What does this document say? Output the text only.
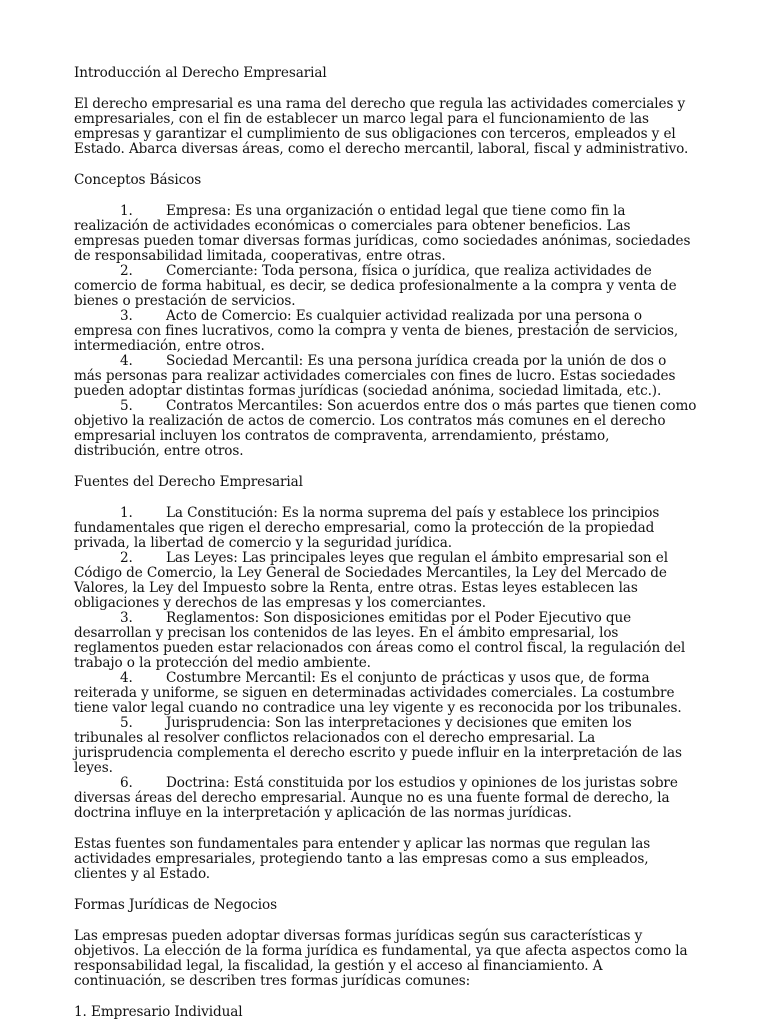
Introducción al Derecho Empresarial

El derecho empresarial es una rama del derecho que regula las actividades comerciales y empresariales, con el fin de establecer un marco legal para el funcionamiento de las empresas y garantizar el cumplimiento de sus obligaciones con terceros, empleados y el Estado. Abarca diversas áreas, como el derecho mercantil, laboral, fiscal y administrativo.

Conceptos Básicos

1. Empresa: Es una organización o entidad legal que tiene como fin la realización de actividades económicas o comerciales para obtener beneficios. Las empresas pueden tomar diversas formas jurídicas, como sociedades anónimas, sociedades de responsabilidad limitada, cooperativas, entre otras.
2. Comerciante: Toda persona, física o jurídica, que realiza actividades de comercio de forma habitual, es decir, se dedica profesionalmente a la compra y venta de bienes o prestación de servicios.
3. Acto de Comercio: Es cualquier actividad realizada por una persona o empresa con fines lucrativos, como la compra y venta de bienes, prestación de servicios, intermediación, entre otros.
4. Sociedad Mercantil: Es una persona jurídica creada por la unión de dos o más personas para realizar actividades comerciales con fines de lucro. Estas sociedades pueden adoptar distintas formas jurídicas (sociedad anónima, sociedad limitada, etc.).
5. Contratos Mercantiles: Son acuerdos entre dos o más partes que tienen como objetivo la realización de actos de comercio. Los contratos más comunes en el derecho empresarial incluyen los contratos de compraventa, arrendamiento, préstamo, distribución, entre otros.

Fuentes del Derecho Empresarial

1. La Constitución: Es la norma suprema del país y establece los principios fundamentales que rigen el derecho empresarial, como la protección de la propiedad privada, la libertad de comercio y la seguridad jurídica.
2. Las Leyes: Las principales leyes que regulan el ámbito empresarial son el Código de Comercio, la Ley General de Sociedades Mercantiles, la Ley del Mercado de Valores, la Ley del Impuesto sobre la Renta, entre otras. Estas leyes establecen las obligaciones y derechos de las empresas y los comerciantes.
3. Reglamentos: Son disposiciones emitidas por el Poder Ejecutivo que desarrollan y precisan los contenidos de las leyes. En el ámbito empresarial, los reglamentos pueden estar relacionados con áreas como el control fiscal, la regulación del trabajo o la protección del medio ambiente.
4. Costumbre Mercantil: Es el conjunto de prácticas y usos que, de forma reiterada y uniforme, se siguen en determinadas actividades comerciales. La costumbre tiene valor legal cuando no contradice una ley vigente y es reconocida por los tribunales.
5. Jurisprudencia: Son las interpretaciones y decisiones que emiten los tribunales al resolver conflictos relacionados con el derecho empresarial. La jurisprudencia complementa el derecho escrito y puede influir en la interpretación de las leyes.
6. Doctrina: Está constituida por los estudios y opiniones de los juristas sobre diversas áreas del derecho empresarial. Aunque no es una fuente formal de derecho, la doctrina influye en la interpretación y aplicación de las normas jurídicas.

Estas fuentes son fundamentales para entender y aplicar las normas que regulan las actividades empresariales, protegiendo tanto a las empresas como a sus empleados, clientes y al Estado.

Formas Jurídicas de Negocios

Las empresas pueden adoptar diversas formas jurídicas según sus características y objetivos. La elección de la forma jurídica es fundamental, ya que afecta aspectos como la responsabilidad legal, la fiscalidad, la gestión y el acceso al financiamiento. A continuación, se describen tres formas jurídicas comunes:

1. Empresario Individual
